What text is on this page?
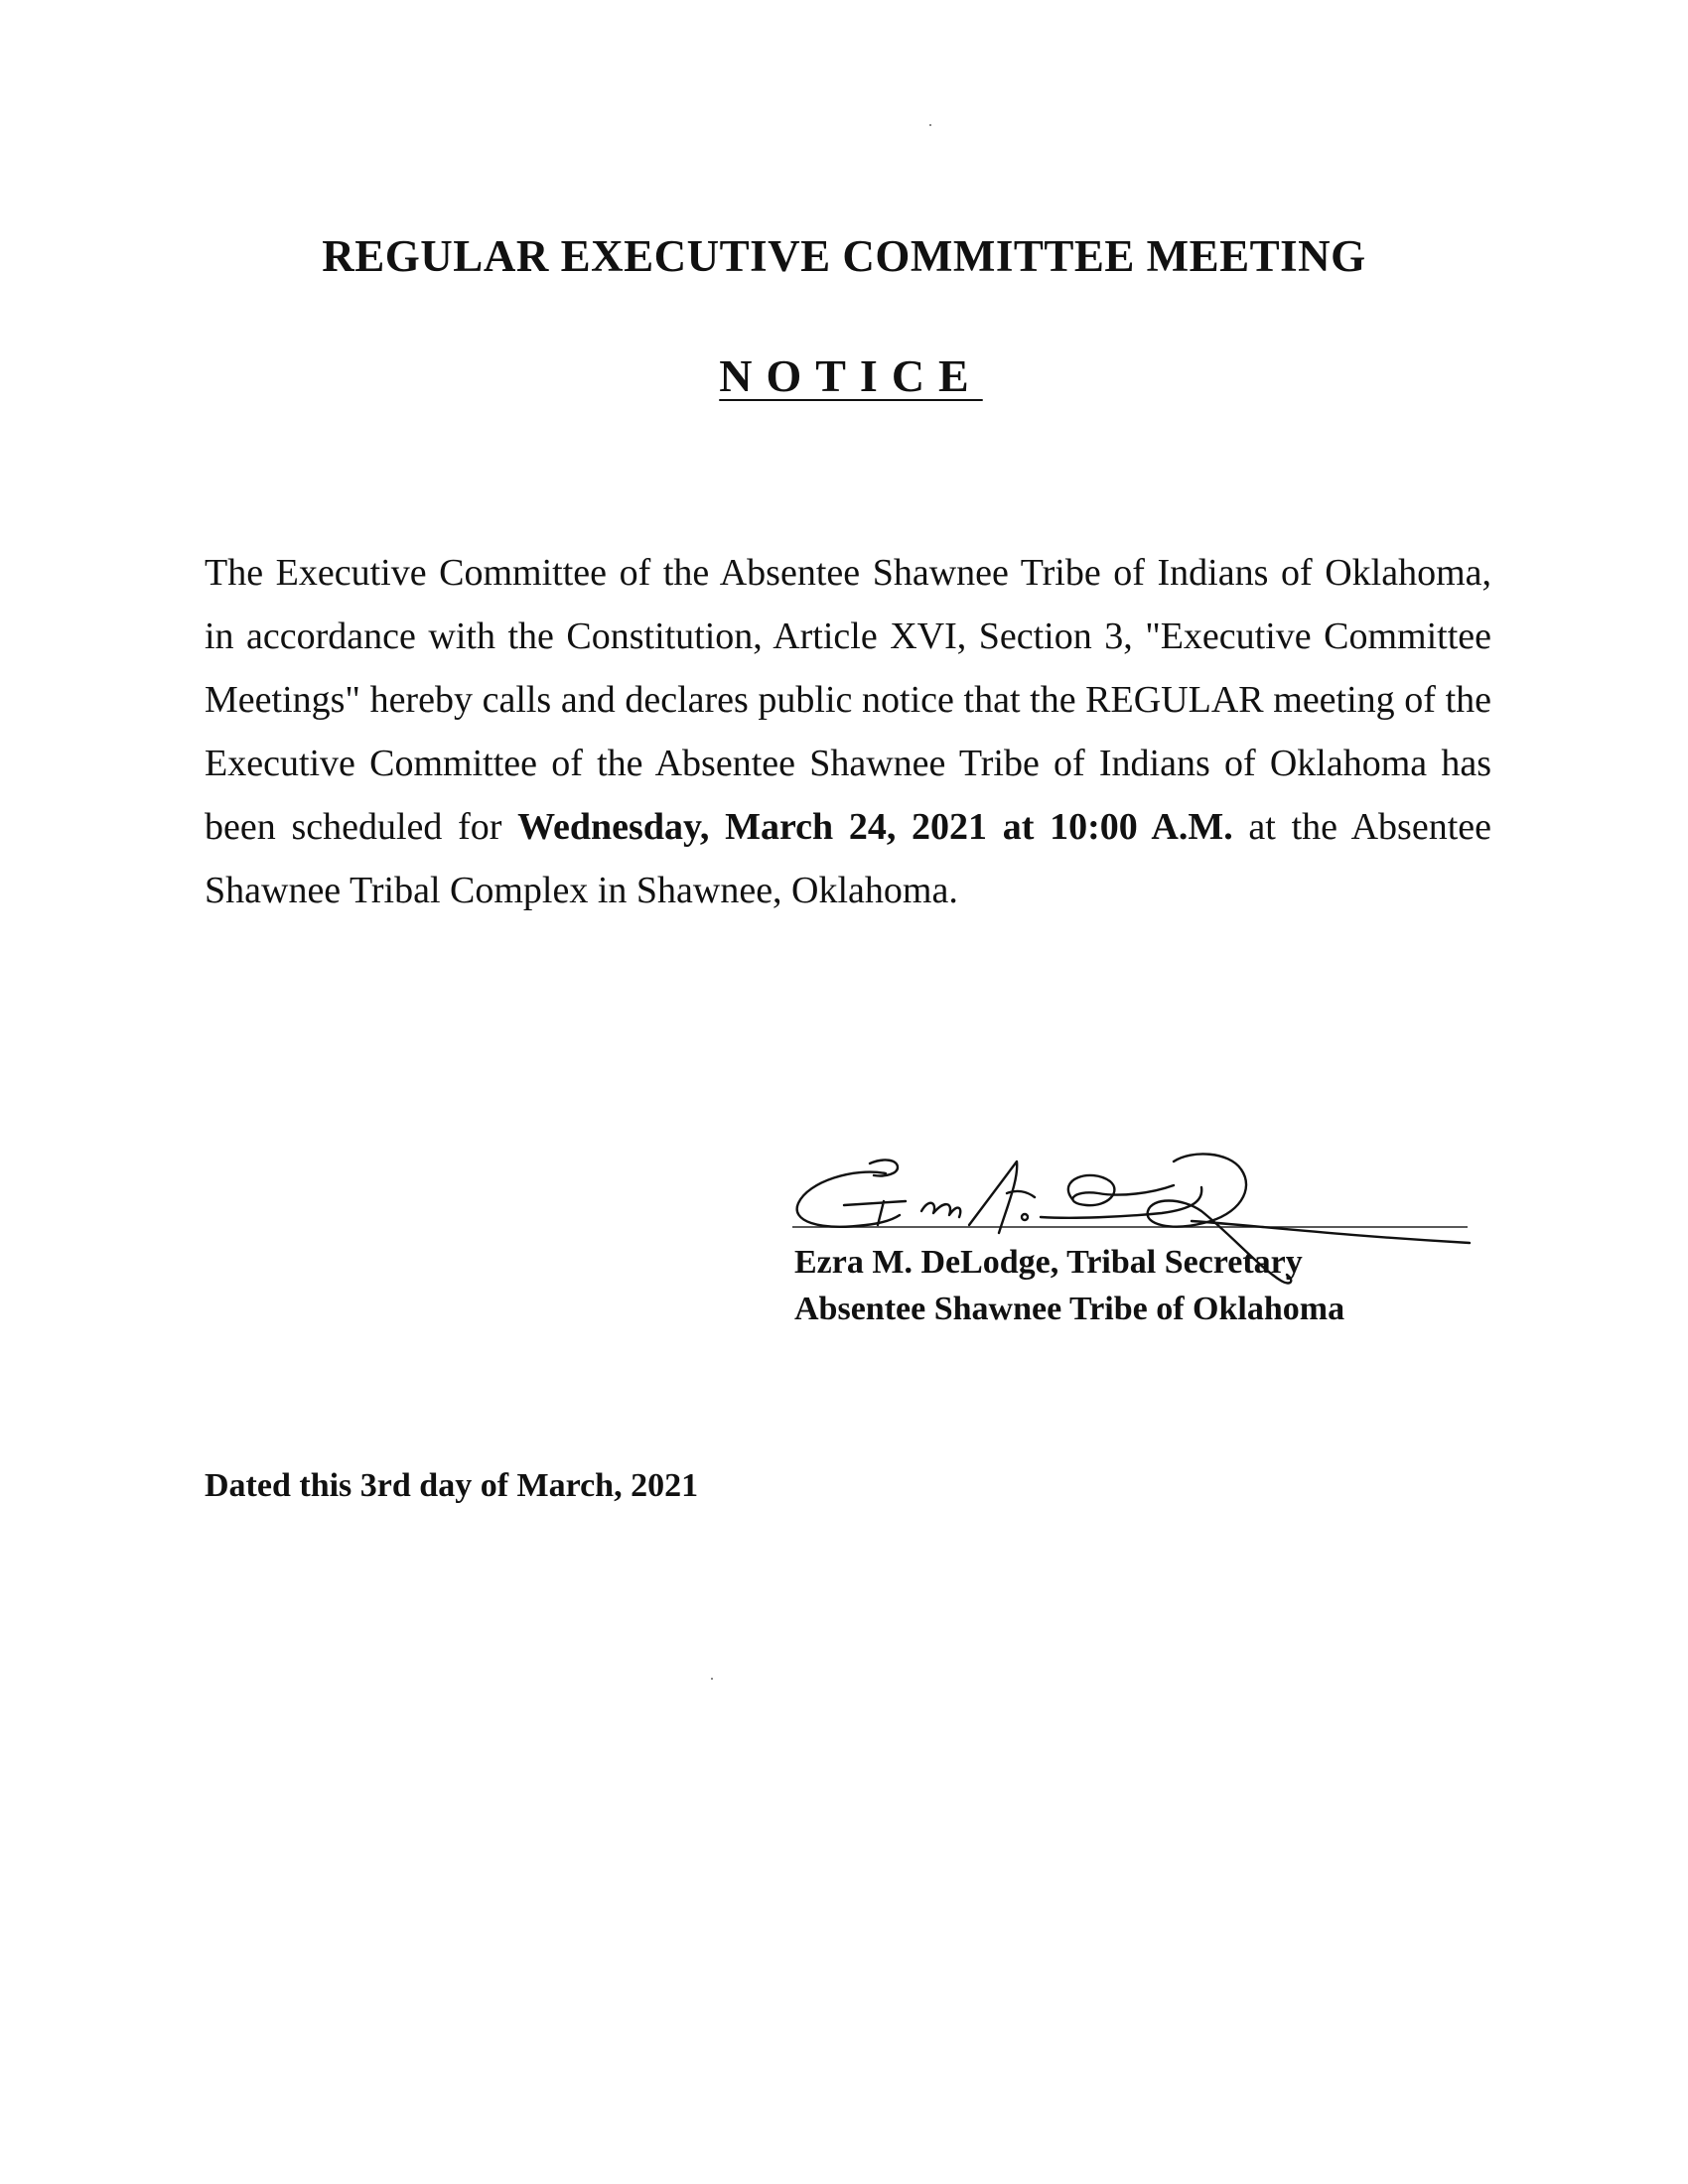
REGULAR EXECUTIVE COMMITTEE MEETING
NOTICE

The Executive Committee of the Absentee Shawnee Tribe of Indians of Oklahoma, in accordance with the Constitution, Article XVI, Section 3, "Executive Committee Meetings" hereby calls and declares public notice that the REGULAR meeting of the Executive Committee of the Absentee Shawnee Tribe of Indians of Oklahoma has been scheduled for Wednesday, March 24, 2021 at 10:00 A.M. at the Absentee Shawnee Tribal Complex in Shawnee, Oklahoma.

Ezra M. DeLodge, Tribal Secretary
Absentee Shawnee Tribe of Oklahoma
Dated this 3rd day of March, 2021
